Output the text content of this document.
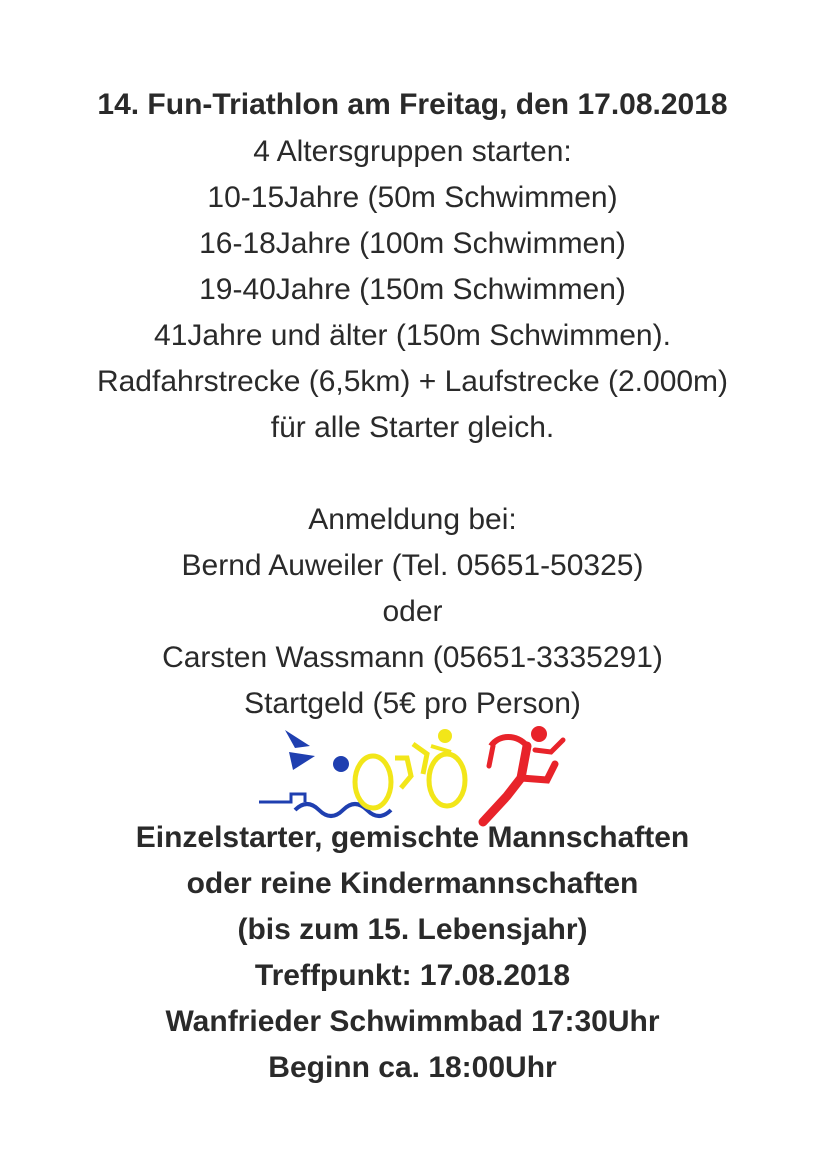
14. Fun-Triathlon am Freitag, den 17.08.2018
4 Altersgruppen starten:
10-15Jahre (50m Schwimmen)
16-18Jahre (100m Schwimmen)
19-40Jahre (150m Schwimmen)
41Jahre und älter (150m Schwimmen).
Radfahrstrecke (6,5km) + Laufstrecke (2.000m)
für alle Starter gleich.
Anmeldung bei:
Bernd Auweiler (Tel. 05651-50325)
oder
Carsten Wassmann (05651-3335291)
Startgeld (5€ pro Person)
Einzelstarter, gemischte Mannschaften
oder reine Kindermannschaften
(bis zum 15. Lebensjahr)
Treffpunkt: 17.08.2018
Wanfrieder Schwimmbad 17:30Uhr
Beginn ca. 18:00Uhr
